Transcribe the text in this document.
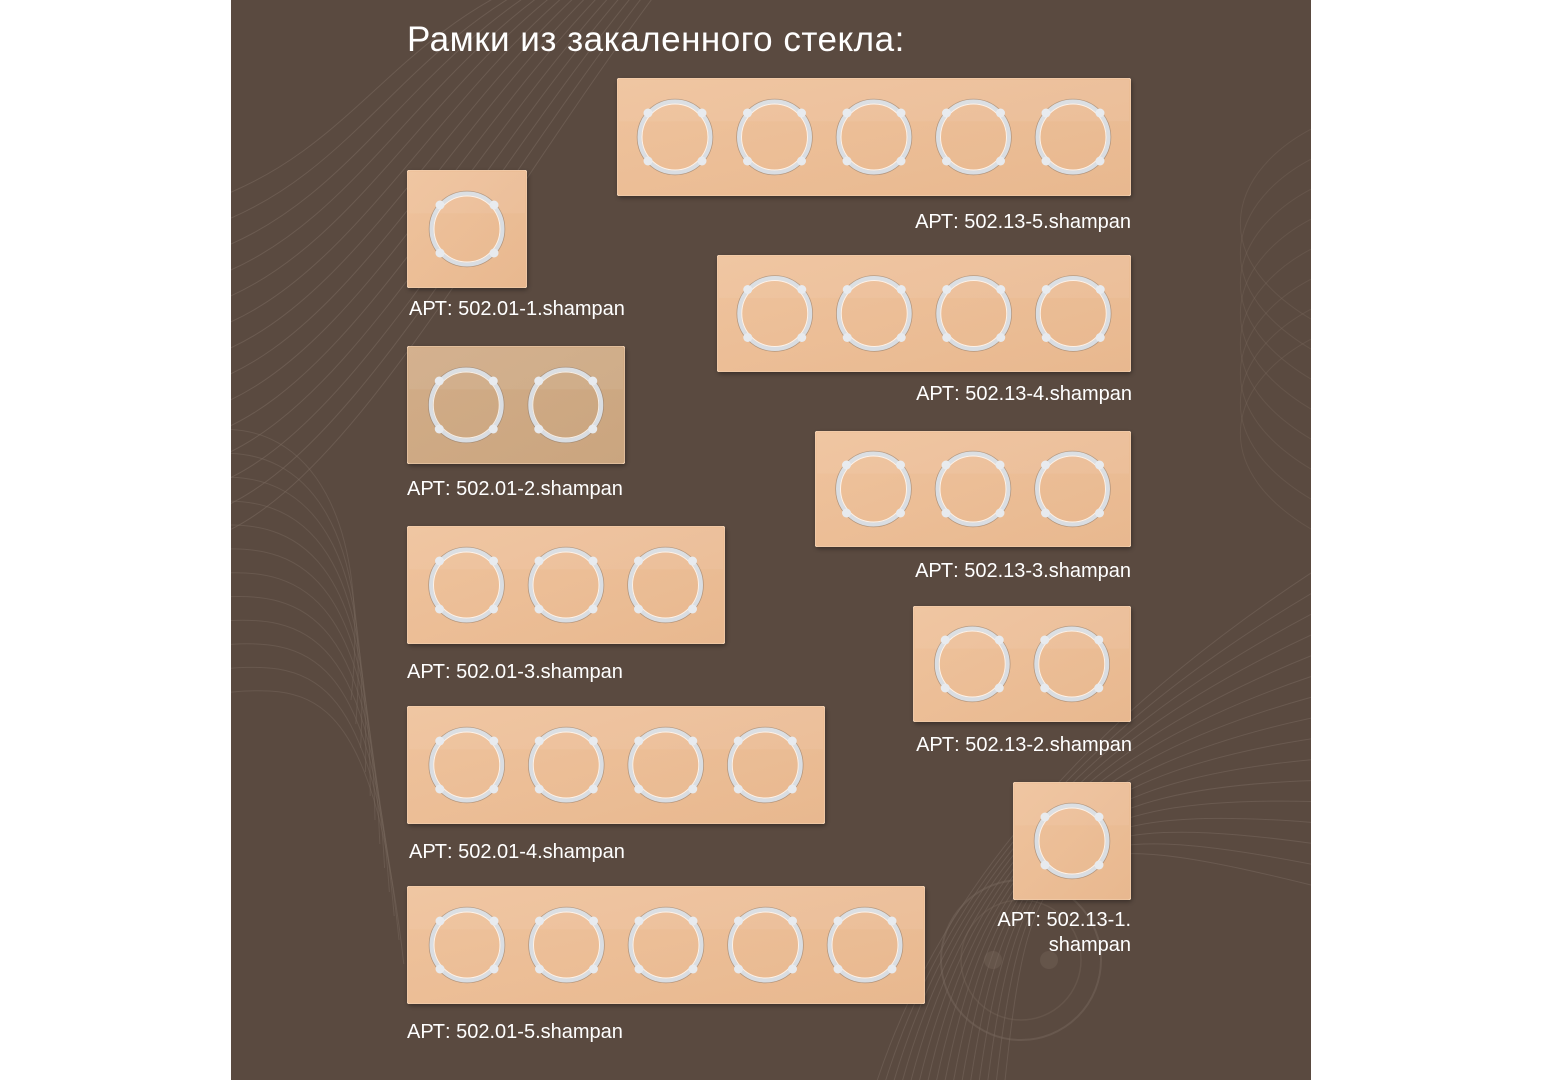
Рамки из закаленного стекла:
АРТ: 502.01-1.shampan
АРТ: 502.01-2.shampan
АРТ: 502.01-3.shampan
АРТ: 502.01-4.shampan
АРТ: 502.01-5.shampan
АРТ: 502.13-5.shampan
АРТ: 502.13-4.shampan
АРТ: 502.13-3.shampan
АРТ: 502.13-2.shampan
АРТ: 502.13-1.
shampan
